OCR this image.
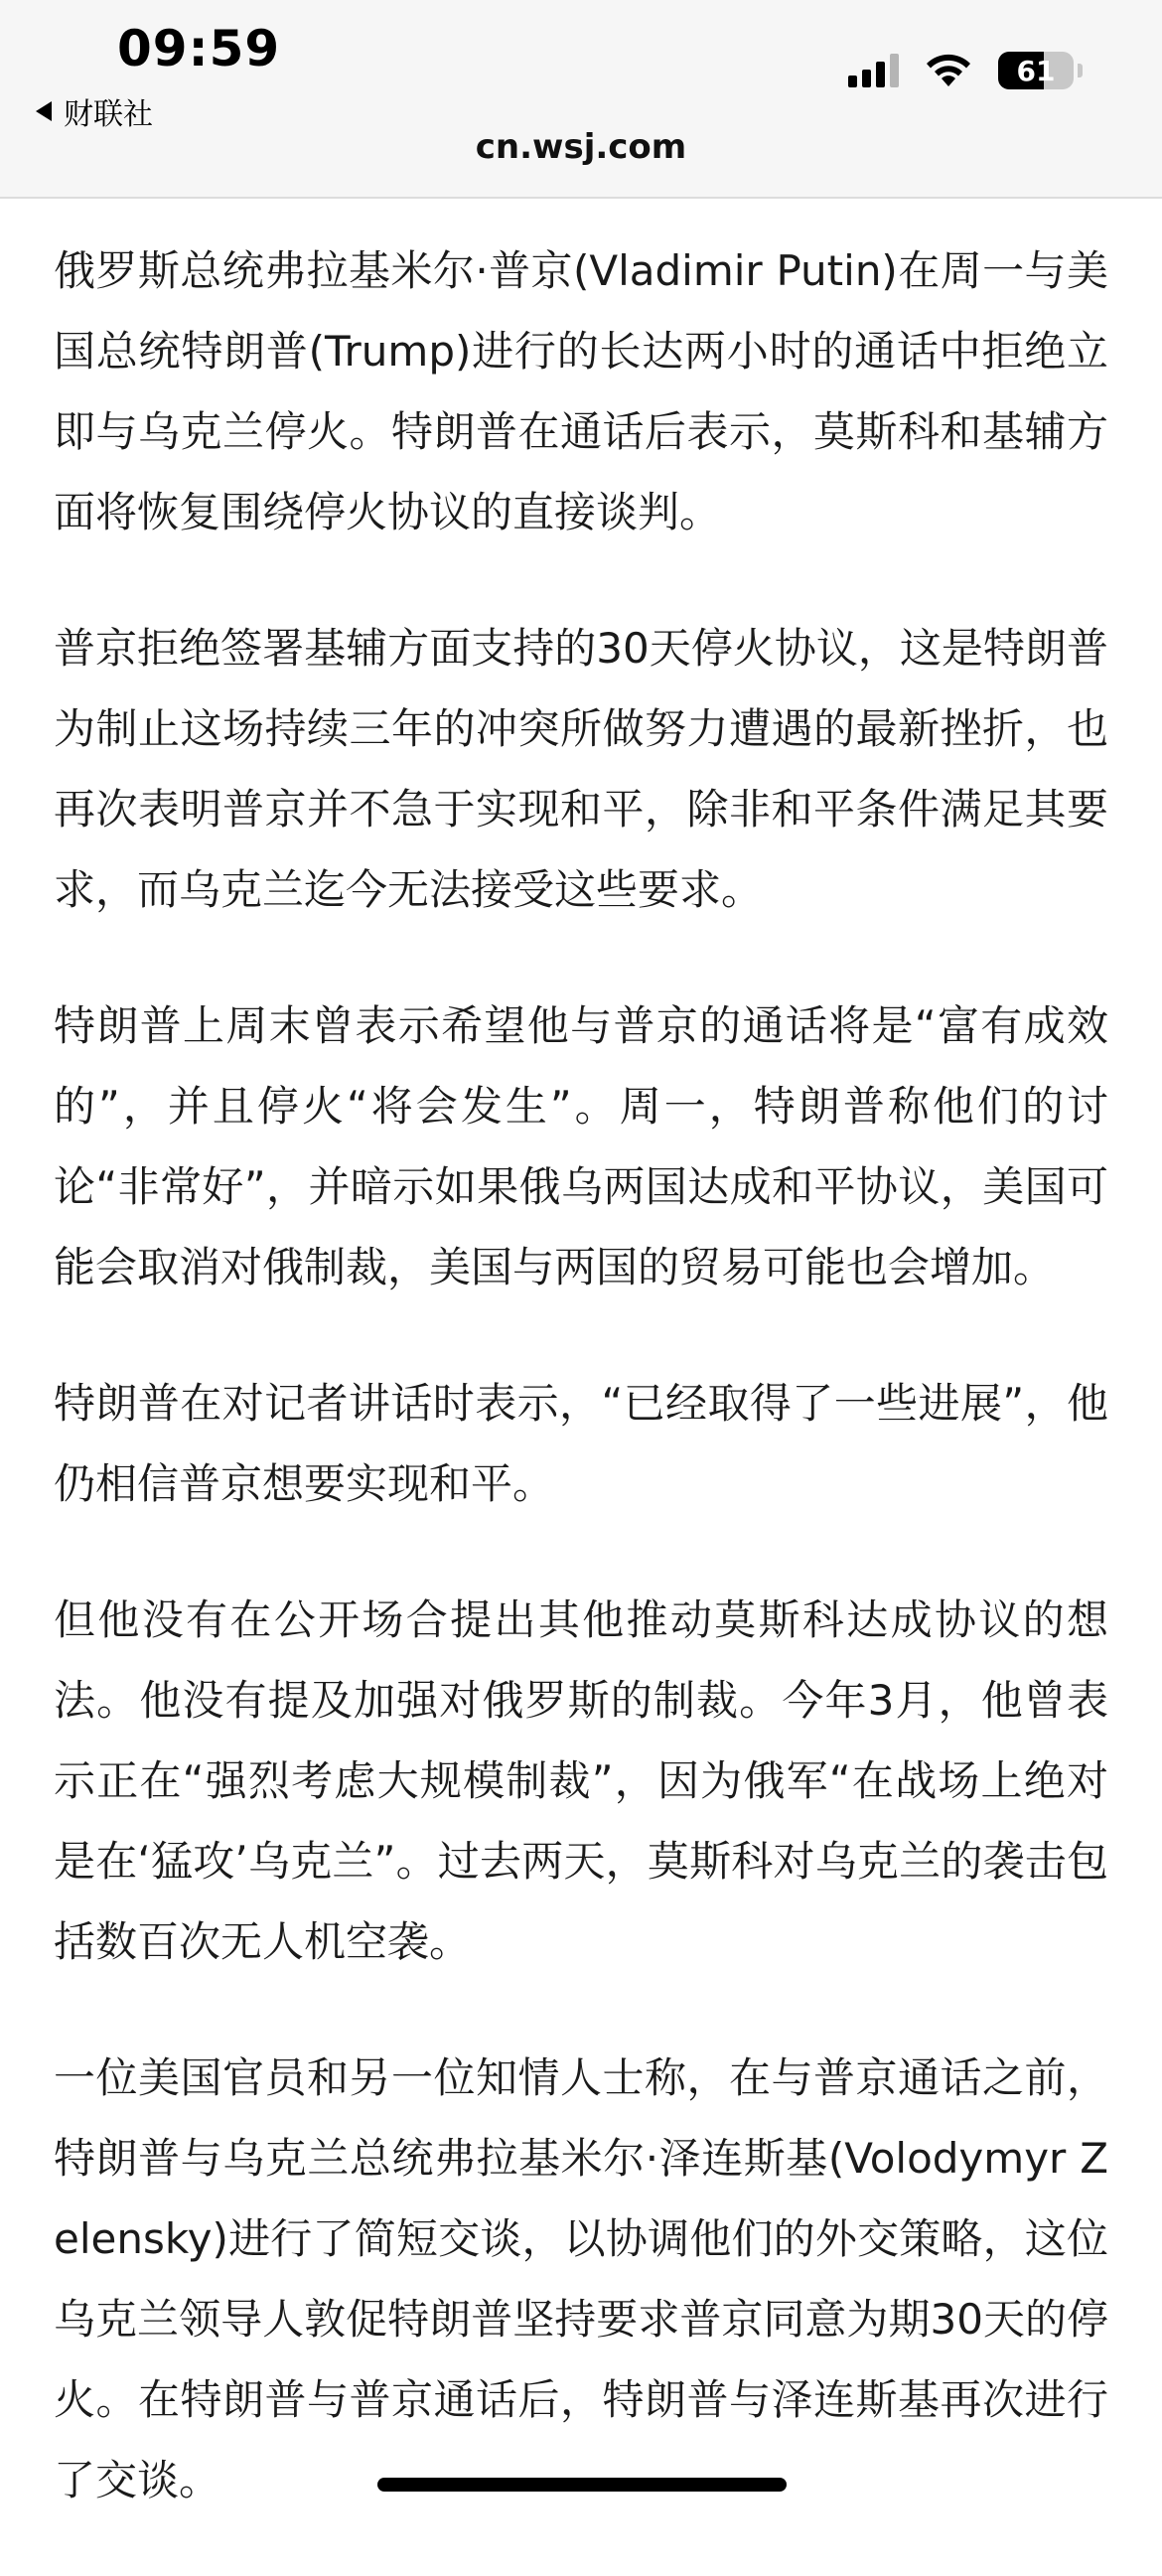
09:59
财联社
61
cn.wsj.com

俄罗斯总统弗拉基米尔·普京(Vladimir Putin)在周一与美国总统特朗普(Trump)进行的长达两小时的通话中拒绝立即与乌克兰停火。特朗普在通话后表示，莫斯科和基辅方面将恢复围绕停火协议的直接谈判。

普京拒绝签署基辅方面支持的30天停火协议，这是特朗普为制止这场持续三年的冲突所做努力遭遇的最新挫折，也再次表明普京并不急于实现和平，除非和平条件满足其要求，而乌克兰迄今无法接受这些要求。

特朗普上周末曾表示希望他与普京的通话将是“富有成效的”，并且停火“将会发生”。周一，特朗普称他们的讨论“非常好”，并暗示如果俄乌两国达成和平协议，美国可能会取消对俄制裁，美国与两国的贸易可能也会增加。

特朗普在对记者讲话时表示，“已经取得了一些进展”，他仍相信普京想要实现和平。

但他没有在公开场合提出其他推动莫斯科达成协议的想法。他没有提及加强对俄罗斯的制裁。今年3月，他曾表示正在“强烈考虑大规模制裁”，因为俄军“在战场上绝对是在‘猛攻’乌克兰”。过去两天，莫斯科对乌克兰的袭击包括数百次无人机空袭。

一位美国官员和另一位知情人士称，在与普京通话之前，特朗普与乌克兰总统弗拉基米尔·泽连斯基(Volodymyr Zelensky)进行了简短交谈，以协调他们的外交策略，这位乌克兰领导人敦促特朗普坚持要求普京同意为期30天的停火。在特朗普与普京通话后，特朗普与泽连斯基再次进行了交谈。
